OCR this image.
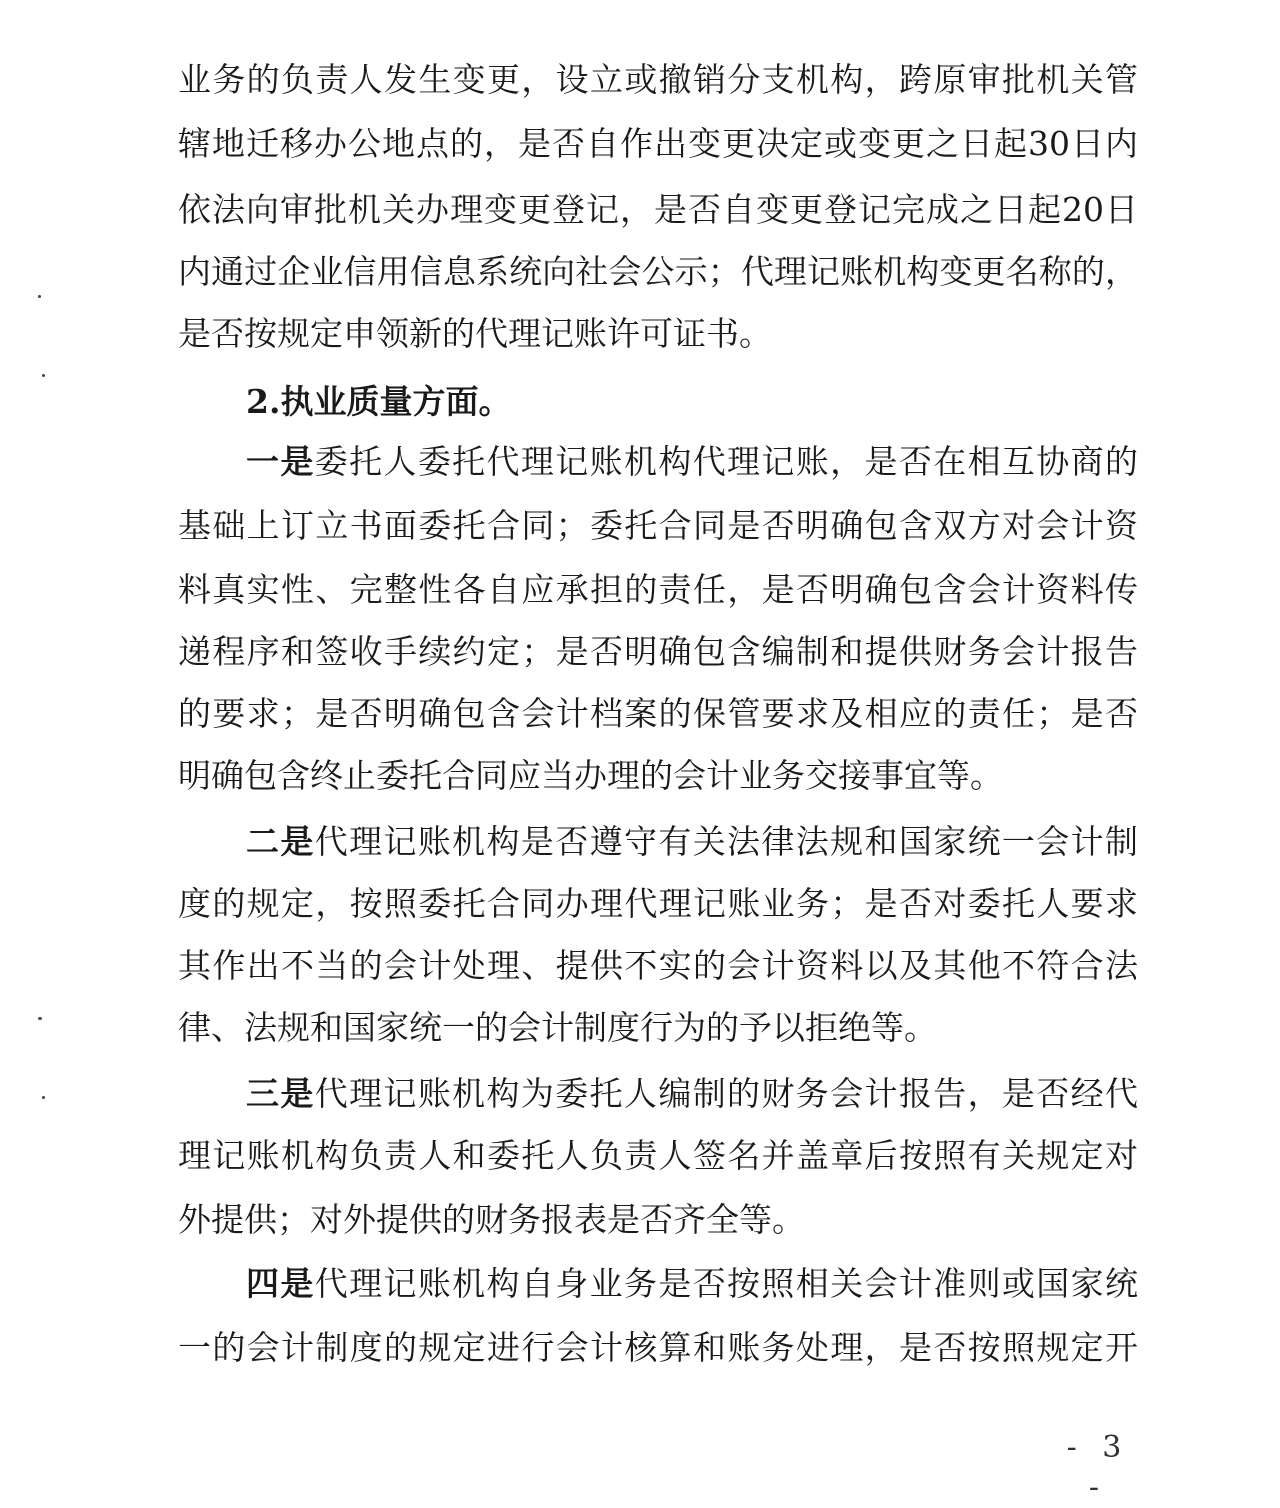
业务的负责人发生变更，设立或撤销分支机构，跨原审批机关管
辖地迁移办公地点的，是否自作出变更决定或变更之日起30日内
依法向审批机关办理变更登记，是否自变更登记完成之日起20日
内通过企业信用信息系统向社会公示；代理记账机构变更名称的，
是否按规定申领新的代理记账许可证书。
2.执业质量方面。
一是委托人委托代理记账机构代理记账，是否在相互协商的
基础上订立书面委托合同；委托合同是否明确包含双方对会计资
料真实性、完整性各自应承担的责任，是否明确包含会计资料传
递程序和签收手续约定；是否明确包含编制和提供财务会计报告
的要求；是否明确包含会计档案的保管要求及相应的责任；是否
明确包含终止委托合同应当办理的会计业务交接事宜等。
二是代理记账机构是否遵守有关法律法规和国家统一会计制
度的规定，按照委托合同办理代理记账业务；是否对委托人要求
其作出不当的会计处理、提供不实的会计资料以及其他不符合法
律、法规和国家统一的会计制度行为的予以拒绝等。
三是代理记账机构为委托人编制的财务会计报告，是否经代
理记账机构负责人和委托人负责人签名并盖章后按照有关规定对
外提供；对外提供的财务报表是否齐全等。
四是代理记账机构自身业务是否按照相关会计准则或国家统
一的会计制度的规定进行会计核算和账务处理，是否按照规定开
- 3 -
